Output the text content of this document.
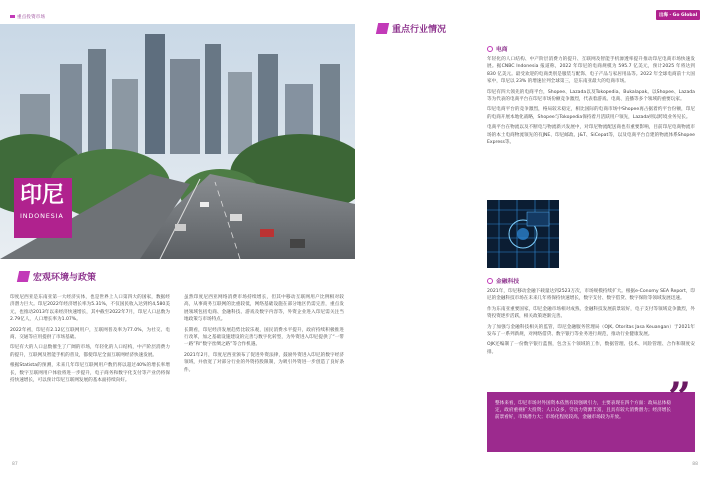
重点投资市场
印尼
INDONESIA
宏观环境与政策

印度尼西亚是东南亚第一大经济实体，也是世界上人口第四大的国家，数据经济潜力巨大。印尼2022年经济增长率为5.31%，不仅国民收入达到约4,580美元，也推动2013年以来经济快速增长，其中截至2022年7月，印尼人口总数为2.79亿人，人口增长率为1.07%。

2022年初，印尼有2.12亿互联网用户，互联网普及率为77.0%，为社交、电商、交通等应用提供了市场基础。

印尼有大的人口总数催生了广阔的市场，年轻化的人口结构，中产阶层消费力的提升，互联网及智能手机的普及，都使印尼全面互联网经济快速发展。

根据Statista的预测，未来几年印尼互联网用户数仍将以超过40%的增长率增长，数字互联网用户体验将进一步提升，电子商务和数字化支付等产业仍将保持快速增长，可以预计印尼互联网发展的基本面持续向好。

虽然印度尼西亚网络消费市场持续增长，但其中移动互联网用户比例相对较高，从事商务互联网的比重较低，网络基础设施在部分地区仍需完善，重点发展领域包括电商、金融科技、游戏及数字内容等，外资企业进入印尼需关注当地政策与市场特点。

长期看，印尼经济发展趋势比较乐观，国民消费水平提升，政府持续积极推进行改革，加之基础设施建设的完善与数字化转型，为外资进入印尼提供了“一带一路”和“数字丝绸之路”等合作机遇。

2021年2月，印度尼西亚颁布了促进外资法律，鼓励外资进入印尼的数字经济领域，并放宽了对部分行业的外资持股限制，为吸引外资进一步创造了良好条件。

87
出海 · Go Global
重点行业情况
电商

年轻化的人口结构、中产阶层消费力的提升、互联网及智能手机渗透率提升推动印尼电商市场快速发展。据CNBC Indonesia 报道称，2022 年印尼的电商规模为 595.7 亿美元，预计2025 年将达到 830 亿美元。最受欢迎的电商类别是服装与配饰、电子产品与家居用品等。2022 年全球电商前十大国家中，印尼以 23% 的增速位列全球第三，是东南亚最大的电商市场。

印尼有四大领先的电商平台，Shopee、Lazada以及Tokopedia、Bukalapak。以Shopee、Lazada等为代表的电商平台在印尼市场份额竞争激烈，代表着游戏、电商、直播等多个领域的重要玩家。

印尼电商平台的竞争激烈，格局较未稳定，相比国际的电商市场中Shopee再占据着约平台份额，印尼的电商开展本地化战略，Shopee与Tokopedia保持着月活跃用户领先，Lazada则以跨境业务见长。

电商平台在物流以及不断电与物流新兴发展中，对印尼物流配送商也有重要影响，目前印尼电商物流市场的本土电商物流领先的有JNE、印尼邮政、J&T、SiCepat等，以及电商平台自建的物流体系Shopee Express等。

金融科技

2021年，印尼移动金融下载量达到2523万次，市场规模持续扩大。根据e-Conomy SEA Report，印尼的金融科技市场在未来几年将保持快速增长，数字支付、数字借贷、数字保险等领域发展迅速。

作为东南亚重要国家，印尼金融市场相对成熟，金融科技发展前景较好，电子支付等领域竞争激烈，外资投资逐步活跃，相关政策逐渐完善。

为了加强与金融科技相关的监管，印尼金融服务管理局（OJK, Otoritas Jasa Keuangan）于2021年发布了一系列新规，对网络借贷、数字银行等业务进行规范，推动行业健康发展。

OJK还编制了一份数字银行蓝图，包含五个领域的工作，数据管理、技术、风险管理、合作和制度安排。

”
整体来看，印尼市场对外国资本依然有较强吸引力，主要表现在四个方面：政局总体稳定，政府重视扩大投资；人口众多，劳动力资源丰富，且具有较大消费潜力；经济增长前景看好，市场潜力大；市场化程度较高，金融市场较为开放。
88
